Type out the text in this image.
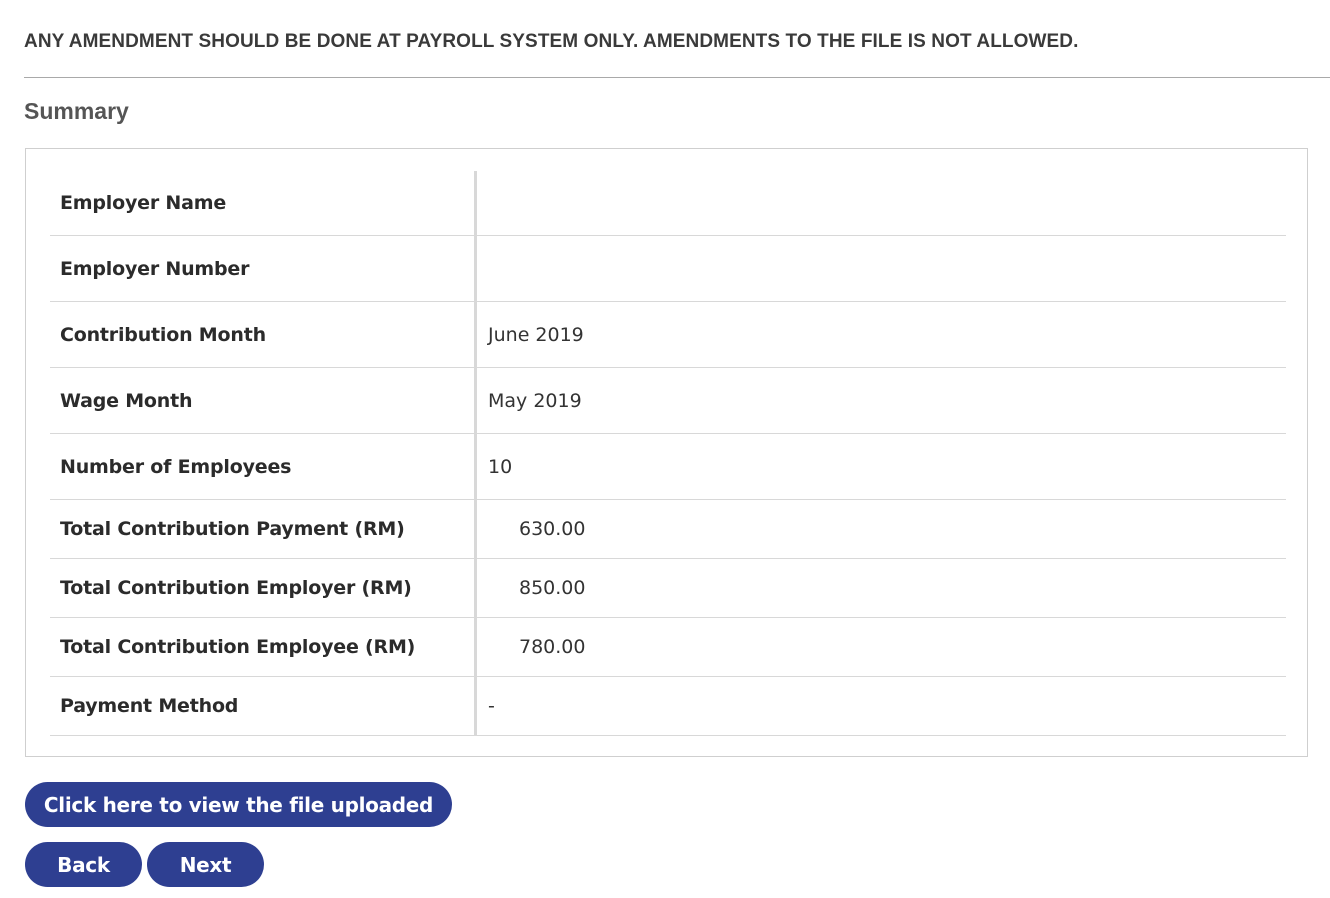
ANY AMENDMENT SHOULD BE DONE AT PAYROLL SYSTEM ONLY. AMENDMENTS TO THE FILE IS NOT ALLOWED.
Summary
Employer Name	
Employer Number	
Contribution Month	June 2019
Wage Month	May 2019
Number of Employees	10
Total Contribution Payment (RM)	630.00
Total Contribution Employer (RM)	850.00
Total Contribution Employee (RM)	780.00
Payment Method	-
Click here to view the file uploaded
Back	Next
